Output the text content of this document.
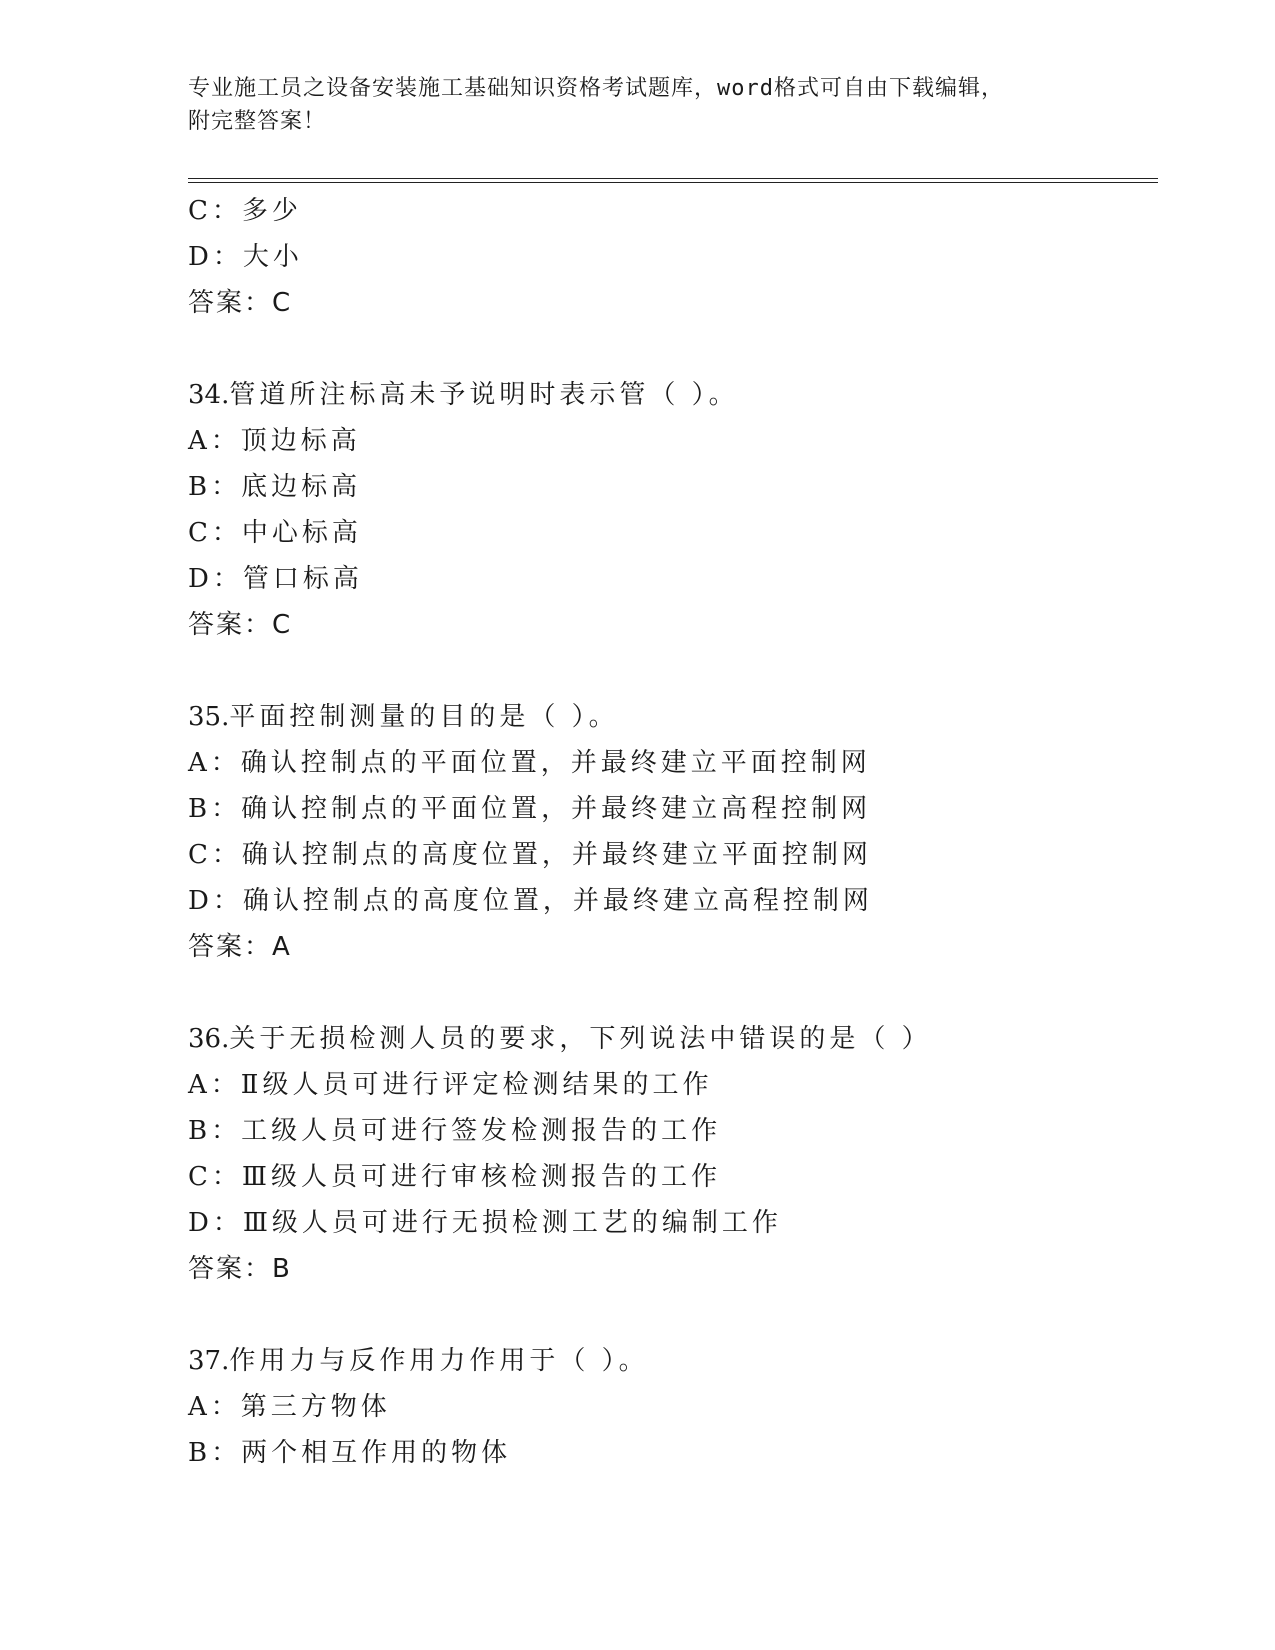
专业施工员之设备安装施工基础知识资格考试题库，word格式可自由下载编辑，
附完整答案！
C：多少
D：大小
答案：C
34.管道所注标高未予说明时表示管（ ）。
A：顶边标高
B：底边标高
C：中心标高
D：管口标高
答案：C
35.平面控制测量的目的是（ ）。
A：确认控制点的平面位置，并最终建立平面控制网
B：确认控制点的平面位置，并最终建立高程控制网
C：确认控制点的高度位置，并最终建立平面控制网
D：确认控制点的高度位置，并最终建立高程控制网
答案：A
36.关于无损检测人员的要求，下列说法中错误的是（ ）
A：Ⅱ级人员可进行评定检测结果的工作
B：工级人员可进行签发检测报告的工作
C：Ⅲ级人员可进行审核检测报告的工作
D：Ⅲ级人员可进行无损检测工艺的编制工作
答案：B
37.作用力与反作用力作用于（ ）。
A：第三方物体
B：两个相互作用的物体
